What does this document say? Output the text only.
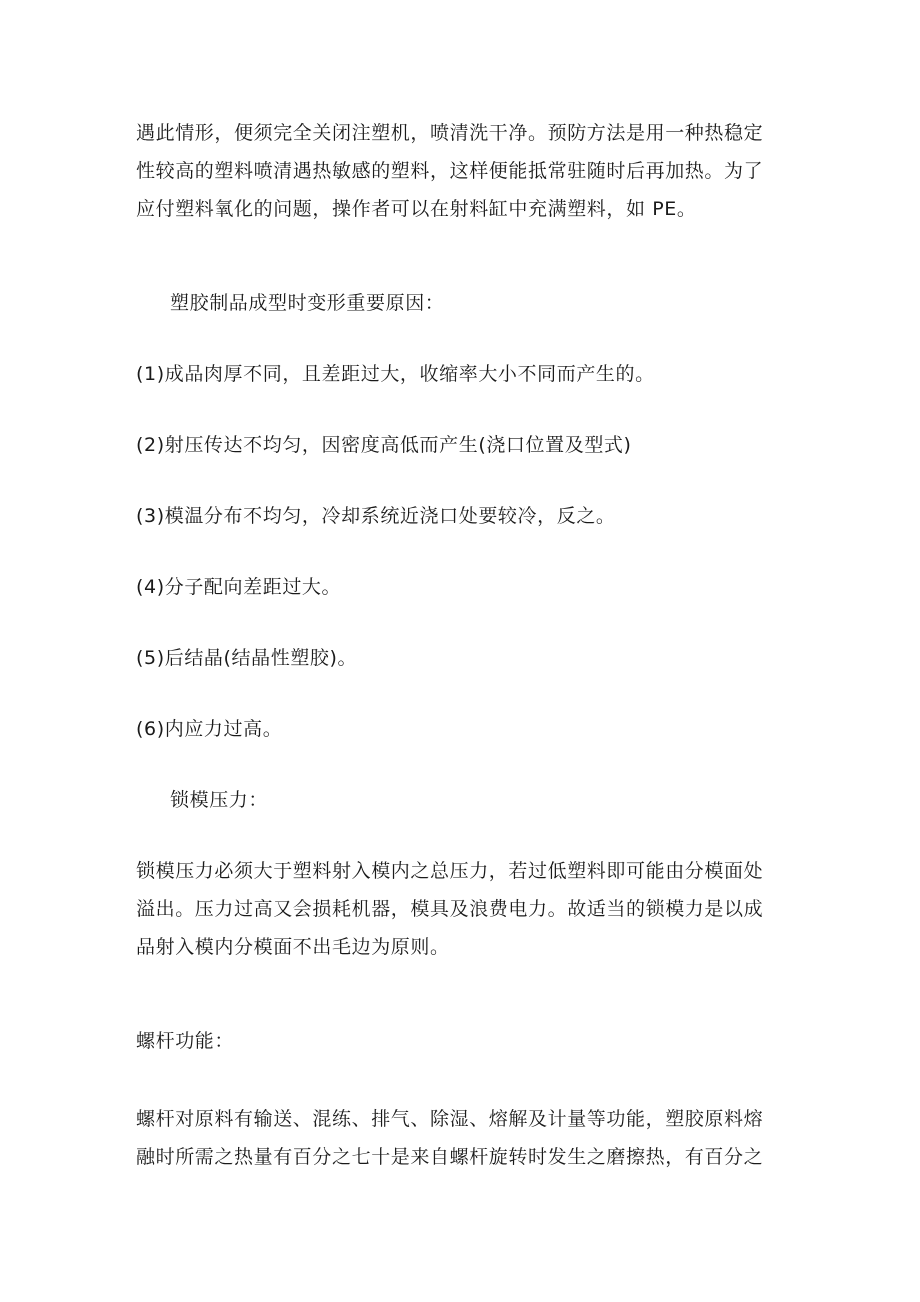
遇此情形，便须完全关闭注塑机，喷清洗干净。预防方法是用一种热稳定
性较高的塑料喷清遇热敏感的塑料，这样便能抵常驻随时后再加热。为了
应付塑料氧化的问题，操作者可以在射料缸中充满塑料，如 PE。
塑胶制品成型时变形重要原因：
(1)成品肉厚不同，且差距过大，收缩率大小不同而产生的。
(2)射压传达不均匀，因密度高低而产生(浇口位置及型式)
(3)模温分布不均匀，冷却系统近浇口处要较冷，反之。
(4)分子配向差距过大。
(5)后结晶(结晶性塑胶)。
(6)内应力过高。
锁模压力：
锁模压力必须大于塑料射入模内之总压力，若过低塑料即可能由分模面处
溢出。压力过高又会损耗机器，模具及浪费电力。故适当的锁模力是以成
品射入模内分模面不出毛边为原则。
螺杆功能：
螺杆对原料有输送、混练、排气、除湿、熔解及计量等功能，塑胶原料熔
融时所需之热量有百分之七十是来自螺杆旋转时发生之磨擦热，有百分之
